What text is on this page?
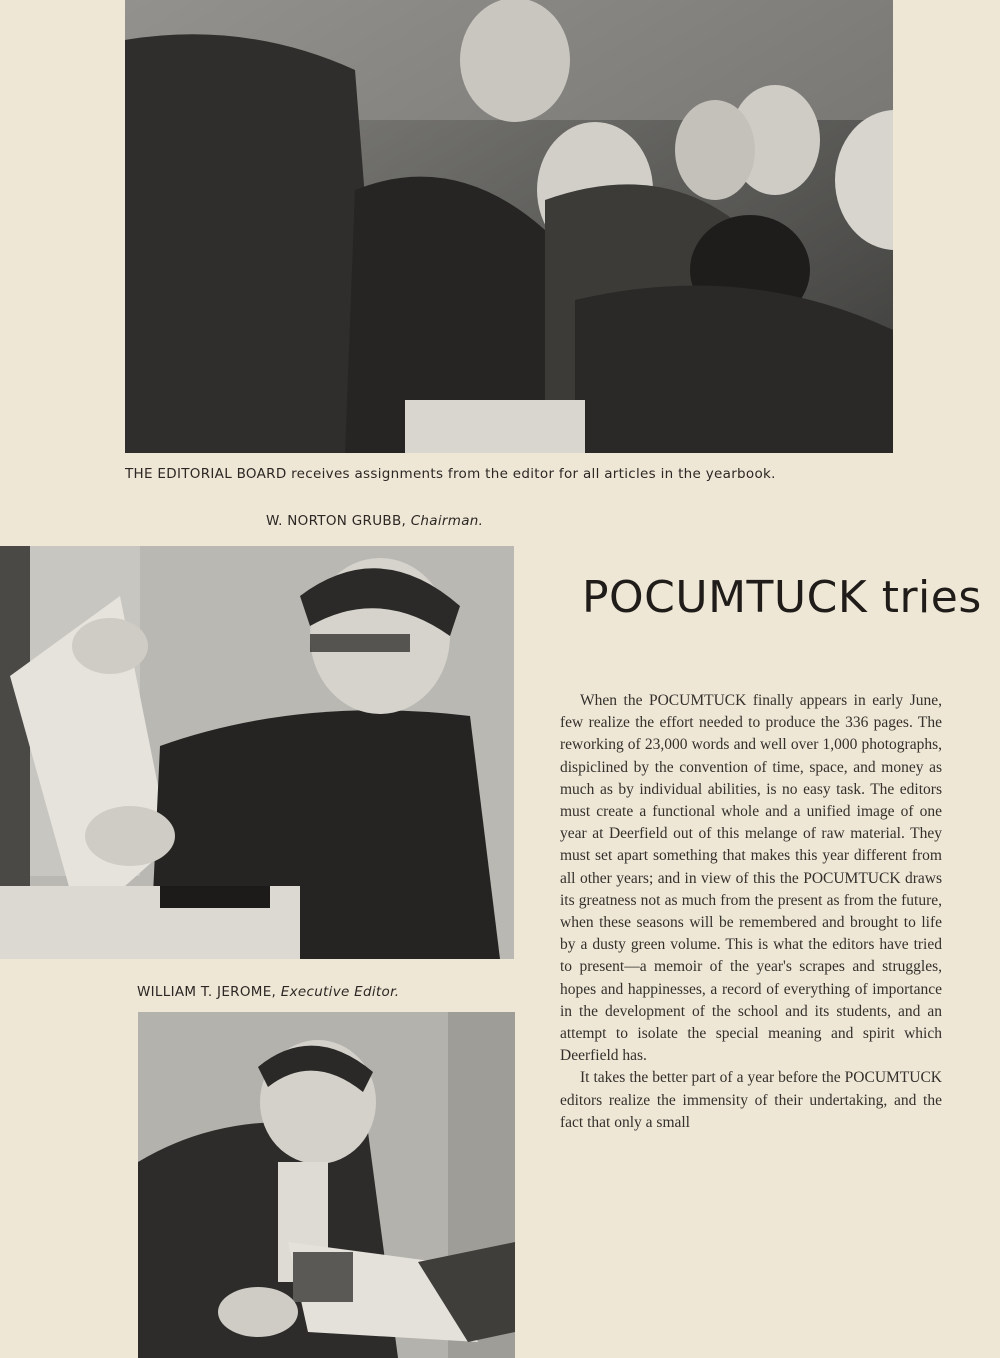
THE EDITORIAL BOARD receives assignments from the editor for all articles in the yearbook.
W. NORTON GRUBB, Chairman.
WILLIAM T. JEROME, Executive Editor.
POCUMTUCK tries

When the POCUMTUCK finally appears in early June, few realize the effort needed to produce the 336 pages. The reworking of 23,000 words and well over 1,000 photographs, dispiclined by the convention of time, space, and money as much as by individual abilities, is no easy task. The editors must create a functional whole and a unified image of one year at Deerfield out of this melange of raw material. They must set apart something that makes this year different from all other years; and in view of this the POCUMTUCK draws its greatness not as much from the present as from the future, when these seasons will be remembered and brought to life by a dusty green volume. This is what the editors have tried to present—a memoir of the year's scrapes and struggles, hopes and happinesses, a record of everything of importance in the development of the school and its students, and an attempt to isolate the special meaning and spirit which Deerfield has.

It takes the better part of a year before the POCUMTUCK editors realize the immensity of their undertaking, and the fact that only a small
